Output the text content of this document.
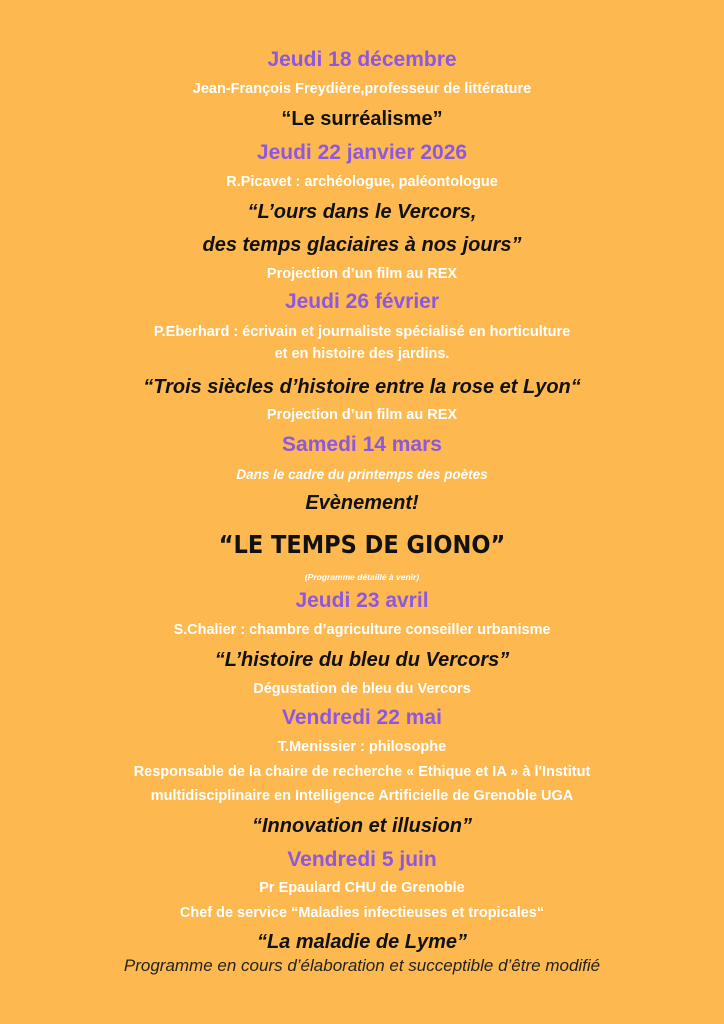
Jeudi 18 décembre
Jean-François Freydière,professeur de littérature
“Le surréalisme”
Jeudi 22 janvier 2026
R.Picavet : archéologue, paléontologue
“L’ours dans le Vercors,
des temps glaciaires à nos jours”
Projection d’un film au REX
Jeudi 26 février
P.Eberhard : écrivain et journaliste spécialisé en horticulture
et en histoire des jardins.
“Trois siècles d’histoire entre la rose et Lyon“
Projection d’un film au REX
Samedi 14 mars
Dans le cadre du printemps des poètes
Evènement!
“LE TEMPS DE GIONO”
(Programme détaillé à venir)
Jeudi 23 avril
S.Chalier : chambre d’agriculture conseiller urbanisme
“L’histoire du bleu du Vercors”
Dégustation de bleu du Vercors
Vendredi 22 mai
T.Menissier : philosophe
Responsable de la chaire de recherche « Ethique et IA » à l'Institut
multidisciplinaire en Intelligence Artificielle de Grenoble UGA
“Innovation et illusion”
Vendredi 5 juin
Pr Epaulard CHU de Grenoble
Chef de service “Maladies infectieuses et tropicales“
“La maladie de Lyme”
Programme en cours d’élaboration et succeptible d’être modifié
